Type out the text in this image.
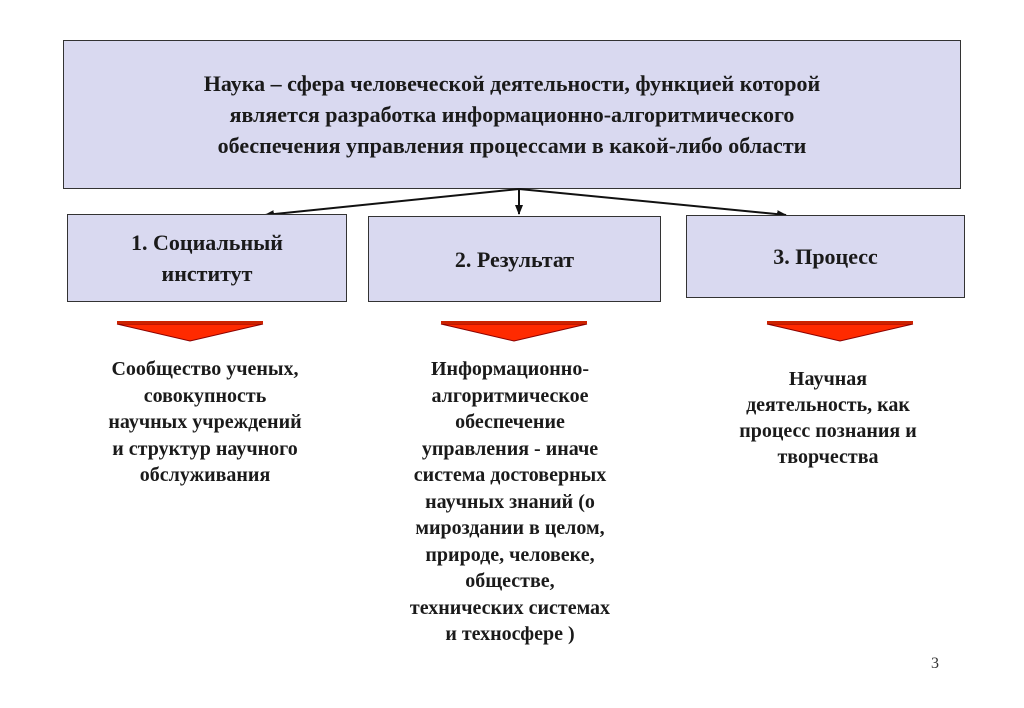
Наука – сфера человеческой деятельности, функцией которой
является разработка информационно-алгоритмического
обеспечения управления процессами в какой-либо области
1. Социальный
институт
2. Результат	3. Процесс
Сообщество ученых,
совокупность
научных учреждений
и структур научного
обслуживания
Информационно-
алгоритмическое
обеспечение
управления - иначе
система достоверных
научных знаний (о
мироздании в целом,
природе, человеке,
обществе,
технических системах
и техносфере )
Научная
деятельность, как
процесс познания и
творчества
3
